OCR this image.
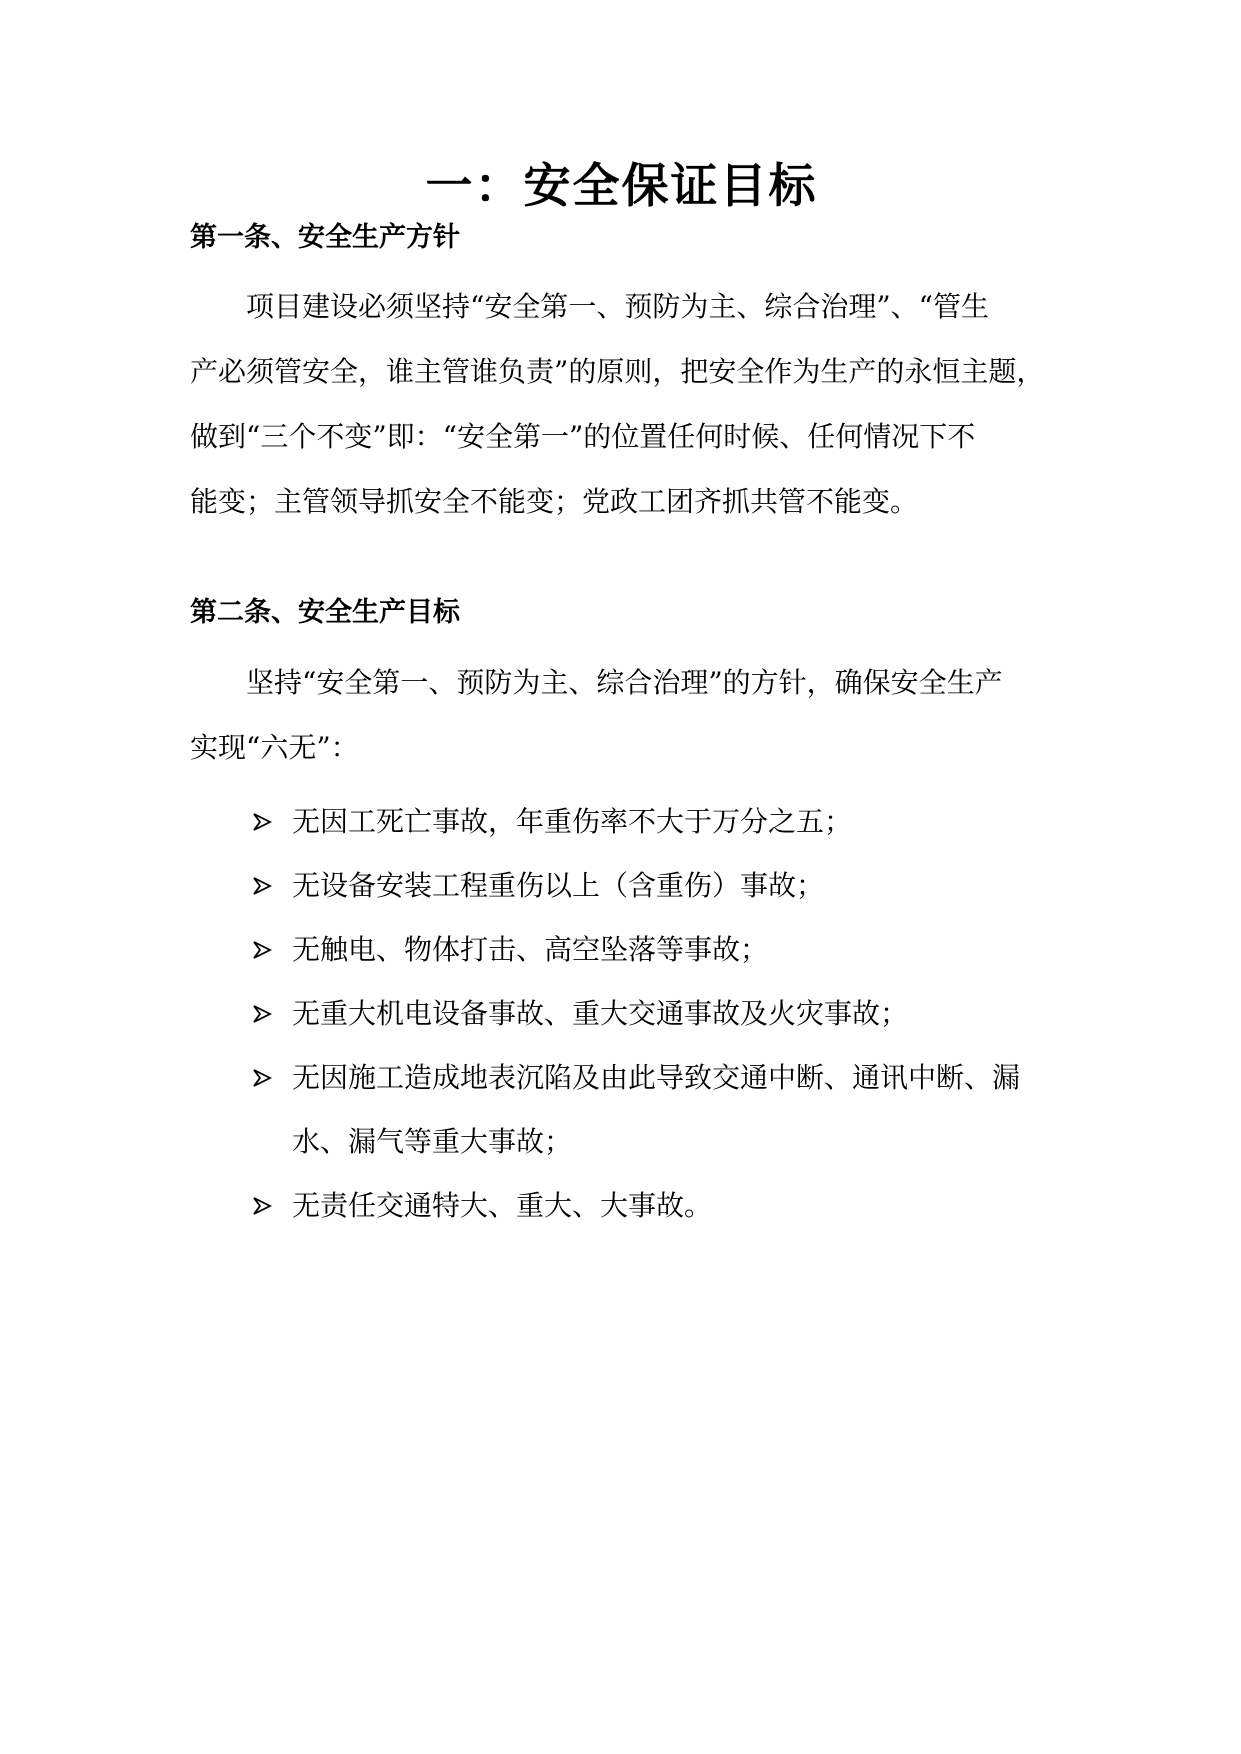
一：安全保证目标
第一条、安全生产方针

　　项目建设必须坚持“安全第一、预防为主、综合治理”、“管生
产必须管安全，谁主管谁负责”的原则，把安全作为生产的永恒主题，
做到“三个不变”即：“安全第一”的位置任何时候、任何情况下不
能变；主管领导抓安全不能变；党政工团齐抓共管不能变。

第二条、安全生产目标

　　坚持“安全第一、预防为主、综合治理”的方针，确保安全生产
实现“六无”：

无因工死亡事故，年重伤率不大于万分之五；
无设备安装工程重伤以上（含重伤）事故；
无触电、物体打击、高空坠落等事故；
无重大机电设备事故、重大交通事故及火灾事故；
无因施工造成地表沉陷及由此导致交通中断、通讯中断、漏
水、漏气等重大事故；
无责任交通特大、重大、大事故。
